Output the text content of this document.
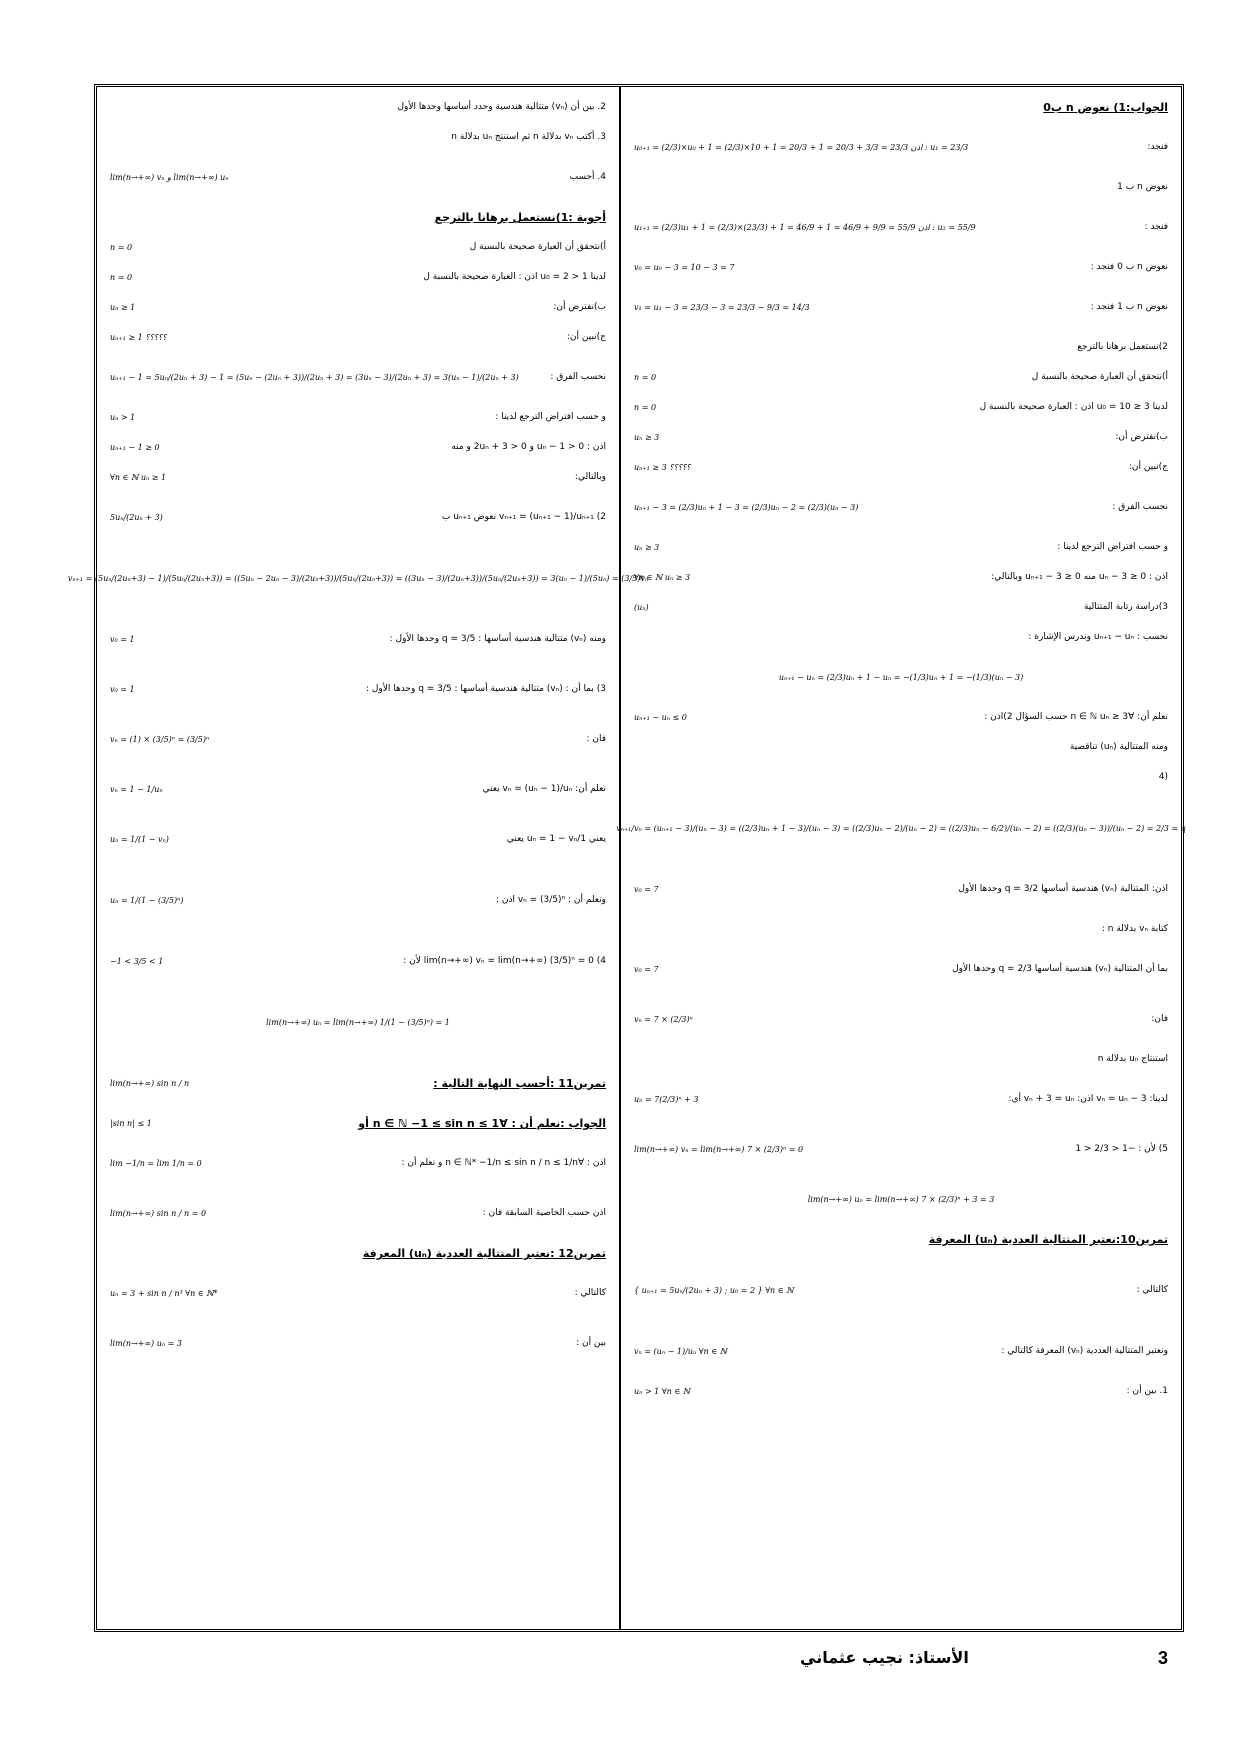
الجواب:1) نعوض n ب0
فنجد:
u₀₊₁ = (2/3)×u₀ + 1 = (2/3)×10 + 1 = 20/3 + 1 = 20/3 + 3/3 = 23/3 اذن : u₁ = 23/3
نعوض n ب 1
فنجد :
u₁₊₁ = (2/3)u₁ + 1 = (2/3)×(23/3) + 1 = 46/9 + 1 = 46/9 + 9/9 = 55/9 اذن : u₂ = 55/9
نعوض n ب 0 فنجد :
v₀ = u₀ − 3 = 10 − 3 = 7
نعوض n ب 1 فنجد :
v₁ = u₁ − 3 = 23/3 − 3 = 23/3 − 9/3 = 14/3
2)نستعمل برهانا بالترجع
أ)نتحقق أن العبارة صحيحة بالنسبة ل
n = 0
لدينا u₀ = 10 ≥ 3 اذن : العبارة صحيحة بالنسبة ل
n = 0
ب)نفترض أن:
uₙ ≥ 3
ج)نبين أن:
uₙ₊₁ ≥ 3 ؟؟؟؟؟
نحسب الفرق :
uₙ₊₁ − 3 = (2/3)uₙ + 1 − 3 = (2/3)uₙ − 2 = (2/3)(uₙ − 3)
و حسب افتراض الترجع لدينا :
uₙ ≥ 3
اذن : uₙ − 3 ≥ 0 منه uₙ₊₁ − 3 ≥ 0 وبالتالي:
∀n ∈ ℕ uₙ ≥ 3
3)دراسة رتابة المتتالية
(uₙ)
نحسب : uₙ₊₁ − uₙ وندرس الإشارة :
uₙ₊₁ − uₙ = (2/3)uₙ + 1 − uₙ = −(1/3)uₙ + 1 = −(1/3)(uₙ − 3)
نعلم أن: ∀n ∈ ℕ uₙ ≥ 3 حسب السؤال 2)اذن :
uₙ₊₁ − uₙ ≤ 0
ومنه المتتالية (uₙ) تناقصية
(4
vₙ₊₁/vₙ = (uₙ₊₁ − 3)/(uₙ − 3) = ((2/3)uₙ + 1 − 3)/(uₙ − 3) = ((2/3)uₙ − 2)/(uₙ − 2) = ((2/3)uₙ − 6/2)/(uₙ − 2) = ((2/3)(uₙ − 3))/(uₙ − 2) = 2/3 = q
اذن: المتتالية (vₙ) هندسية أساسها q = 3/2 وحدها الأول
v₀ = 7
كتابة vₙ بدلالة n :
بما أن المتتالية (vₙ) هندسية أساسها q = 2/3 وحدها الأول
v₀ = 7
فان:
vₙ = 7 × (2/3)ⁿ
استنتاج uₙ بدلالة n
لدينا: vₙ = uₙ − 3 اذن: vₙ + 3 = uₙ أي:
uₙ = 7(2/3)ⁿ + 3
5) لأن : −1 < 2/3 < 1
lim(n→+∞) vₙ = lim(n→+∞) 7 × (2/3)ⁿ = 0
lim(n→+∞) uₙ = lim(n→+∞) 7 × (2/3)ⁿ + 3 = 3
تمرين10:نعتبر المتتالية العددية (uₙ) المعرفة
كالتالي :
{ uₙ₊₁ = 5uₙ/(2uₙ + 3) ; u₀ = 2 } ∀n ∈ ℕ
ونعتبر المتتالية العددية (vₙ) المعرفة كالتالي :
vₙ = (uₙ − 1)/uₙ ∀n ∈ ℕ
1. بين أن :
uₙ > 1 ∀n ∈ ℕ
2. بين أن (vₙ) متتالية هندسية وحدد أساسها وحدها الأول
3. أكتب vₙ بدلالة n ثم استنتج uₙ بدلالة n
4. أحسب
lim(n→+∞) vₙ و lim(n→+∞) uₙ
أجوبة :1)نستعمل برهانا بالترجع
أ)نتحقق أن العبارة صحيحة بالنسبة ل
n = 0
لدينا u₀ = 2 > 1 اذن : العبارة صحيحة بالنسبة ل
n = 0
ب)نفترض أن:
uₙ ≥ 1
ج)نبين أن:
uₙ₊₁ ≥ 1 ؟؟؟؟؟
نحسب الفرق :
uₙ₊₁ − 1 = 5uₙ/(2uₙ + 3) − 1 = (5uₙ − (2uₙ + 3))/(2uₙ + 3) = (3uₙ − 3)/(2uₙ + 3) = 3(uₙ − 1)/(2uₙ + 3)
و حسب افتراض الترجع لدينا :
uₙ > 1
اذن : uₙ − 1 > 0 و 2uₙ + 3 > 0 و منه
uₙ₊₁ − 1 ≥ 0
وبالتالي:
∀n ∈ ℕ uₙ ≥ 1
2) vₙ₊₁ = (uₙ₊₁ − 1)/uₙ₊₁ نعوض uₙ₊₁ ب
5uₙ/(2uₙ + 3)
vₙ₊₁ = (5uₙ/(2uₙ+3) − 1)/(5uₙ/(2uₙ+3)) = ((5uₙ − 2uₙ − 3)/(2uₙ+3))/(5uₙ/(2uₙ+3)) = ((3uₙ − 3)/(2uₙ+3))/(5uₙ/(2uₙ+3)) = 3(uₙ − 1)/(5uₙ) = (3/5)vₙ
ومنه (vₙ) متتالية هندسية أساسها : q = 3/5 وحدها الأول :
v₀ = 1
3) بما أن : (vₙ) متتالية هندسية أساسها : q = 3/5 وحدها الأول :
v₀ = 1
فان :
vₙ = (1) × (3/5)ⁿ = (3/5)ⁿ
نعلم أن: vₙ = (uₙ − 1)/uₙ يعني
vₙ = 1 − 1/uₙ
يعني 1/uₙ = 1 − vₙ يعني
uₙ = 1/(1 − vₙ)
ونعلم أن : vₙ = (3/5)ⁿ اذن :
uₙ = 1/(1 − (3/5)ⁿ)
4) lim(n→+∞) vₙ = lim(n→+∞) (3/5)ⁿ = 0 لأن :
−1 < 3/5 < 1
lim(n→+∞) uₙ = lim(n→+∞) 1/(1 − (3/5)ⁿ) = 1
تمرين11 :أحسب النهاية التالية :
lim(n→+∞) sin n / n
الجواب :نعلم أن : ∀n ∈ ℕ −1 ≤ sin n ≤ 1 أو
|sin n| ≤ 1
اذن : ∀n ∈ ℕ* −1/n ≤ sin n / n ≤ 1/n و نعلم أن :
lim −1/n = lim 1/n = 0
اذن حسب الخاصية السابقة فان :
lim(n→+∞) sin n / n = 0
تمرين12 :نعتبر المتتالية العددية (uₙ) المعرفة
كالتالي :
uₙ = 3 + sin n / n³ ∀n ∈ ℕ*
بين أن :
lim(n→+∞) uₙ = 3
الأستاذ: نجيب عثماني	3
